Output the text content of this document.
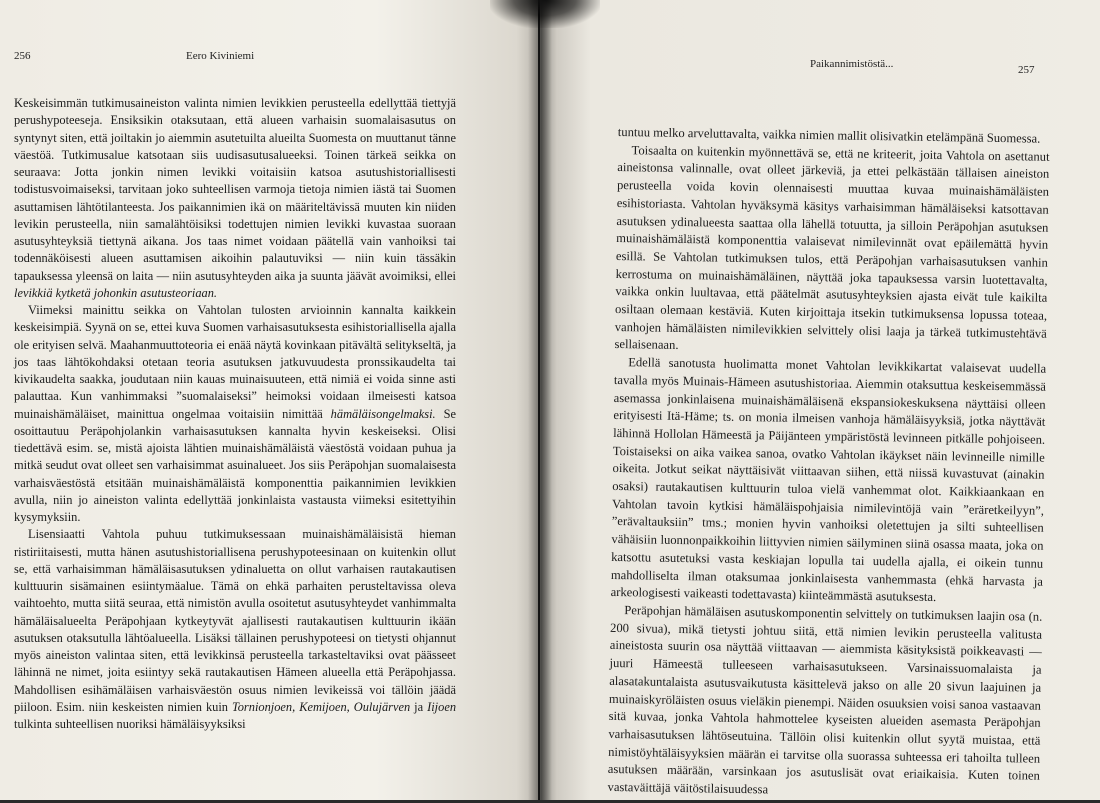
256	Eero Kiviniemi

Keskeisimmän tutkimusaineiston valinta nimien levikkien perusteella edellyttää tiettyjä perushypoteeseja. Ensiksikin otaksutaan, että alueen varhaisin suomalaisasutus on syntynyt siten, että joiltakin jo aiemmin asutetuilta alueilta Suomesta on muuttanut tänne väestöä. Tutkimusalue katsotaan siis uudisasutusalueeksi. Toinen tärkeä seikka on seuraava: Jotta jonkin nimen levikki voitaisiin katsoa asutushistoriallisesti todistusvoimaiseksi, tarvitaan joko suhteellisen varmoja tietoja nimien iästä tai Suomen asuttamisen lähtötilanteesta. Jos paikannimien ikä on määriteltävissä muuten kin niiden levikin perusteella, niin samalähtöisiksi todettujen nimien levikki kuvastaa suoraan asutusyhteyksiä tiettynä aikana. Jos taas nimet voidaan päätellä vain vanhoiksi tai todennäköisesti alueen asuttamisen aikoihin palautuviksi — niin kuin tässäkin tapauksessa yleensä on laita — niin asutusyhteyden aika ja suunta jäävät avoimiksi, ellei levikkiä kytketä johonkin asutusteoriaan.

Viimeksi mainittu seikka on Vahtolan tulosten arvioinnin kannalta kaikkein keskeisimpiä. Syynä on se, ettei kuva Suomen varhaisasutuksesta esihistoriallisella ajalla ole erityisen selvä. Maahanmuuttoteoria ei enää näytä kovinkaan pitävältä selitykseltä, ja jos taas lähtökohdaksi otetaan teoria asutuksen jatkuvuudesta pronssikaudelta tai kivikaudelta saakka, joudutaan niin kauas muinaisuuteen, että nimiä ei voida sinne asti palauttaa. Kun vanhimmaksi ”suomalaiseksi” heimoksi voidaan ilmeisesti katsoa muinaishämäläiset, mainittua ongelmaa voitaisiin nimittää hämäläisongelmaksi. Se osoittautuu Peräpohjolankin varhaisasutuksen kannalta hyvin keskeiseksi. Olisi tiedettävä esim. se, mistä ajoista lähtien muinaishämäläistä väestöstä voidaan puhua ja mitkä seudut ovat olleet sen varhaisimmat asuinalueet. Jos siis Peräpohjan suomalaisesta varhaisväestöstä etsitään muinaishämäläistä komponenttia paikannimien levikkien avulla, niin jo aineiston valinta edellyttää jonkinlaista vastausta viimeksi esitettyihin kysymyksiin.

Lisensiaatti Vahtola puhuu tutkimuksessaan muinaishämäläisistä hieman ristiriitaisesti, mutta hänen asutushistoriallisena perushypoteesinaan on kuitenkin ollut se, että varhaisimman hämäläisasutuksen ydinaluetta on ollut varhaisen rautakautisen kulttuurin sisämainen esiintymäalue. Tämä on ehkä parhaiten perusteltavissa oleva vaihtoehto, mutta siitä seuraa, että nimistön avulla osoitetut asutusyhteydet vanhimmalta hämäläisalueelta Peräpohjaan kytkeytyvät ajallisesti rautakautisen kulttuurin ikään asutuksen otaksutulla lähtöalueella. Lisäksi tällainen perushypoteesi on tietysti ohjannut myös aineiston valintaa siten, että levikkinsä perusteella tarkasteltaviksi ovat päässeet lähinnä ne nimet, joita esiintyy sekä rautakautisen Hämeen alueella että Peräpohjassa. Mahdollisen esihämäläisen varhaisväestön osuus nimien levikeissä voi tällöin jäädä piiloon. Esim. niin keskeisten nimien kuin Tornionjoen, Kemijoen, Oulujärven ja Iijoen tulkinta suhteellisen nuoriksi hämäläisyyksiksi

Paikannimistöstä...	257

tuntuu melko arveluttavalta, vaikka nimien mallit olisivatkin etelämpänä Suomessa.

Toisaalta on kuitenkin myönnettävä se, että ne kriteerit, joita Vahtola on asettanut aineistonsa valinnalle, ovat olleet järkeviä, ja ettei pelkästään tällaisen aineiston perusteella voida kovin olennaisesti muuttaa kuvaa muinaishämäläisten esihistoriasta. Vahtolan hyväksymä käsitys varhaisimman hämäläiseksi katsottavan asutuksen ydinalueesta saattaa olla lähellä totuutta, ja silloin Peräpohjan asutuksen muinaishämäläistä komponenttia valaisevat nimilevinnät ovat epäilemättä hyvin esillä. Se Vahtolan tutkimuksen tulos, että Peräpohjan varhaisasutuksen vanhin kerrostuma on muinaishämäläinen, näyttää joka tapauksessa varsin luotettavalta, vaikka onkin luultavaa, että päätelmät asutusyhteyksien ajasta eivät tule kaikilta osiltaan olemaan kestäviä. Kuten kirjoittaja itsekin tutkimuksensa lopussa toteaa, vanhojen hämäläisten nimilevikkien selvittely olisi laaja ja tärkeä tutkimustehtävä sellaisenaan.

Edellä sanotusta huolimatta monet Vahtolan levikkikartat valaisevat uudella tavalla myös Muinais-Hämeen asutushistoriaa. Aiemmin otaksuttua keskeisemmässä asemassa jonkinlaisena muinaishämäläisenä ekspansiokeskuksena näyttäisi olleen erityisesti Itä-Häme; ts. on monia ilmeisen vanhoja hämäläisyyksiä, jotka näyttävät lähinnä Hollolan Hämeestä ja Päijänteen ympäristöstä levinneen pitkälle pohjoiseen. Toistaiseksi on aika vaikea sanoa, ovatko Vahtolan ikäykset näin levinneille nimille oikeita. Jotkut seikat näyttäisivät viittaavan siihen, että niissä kuvastuvat (ainakin osaksi) rautakautisen kulttuurin tuloa vielä vanhemmat olot. Kaikkiaankaan en Vahtolan tavoin kytkisi hämäläispohjaisia nimilevintöjä vain ”eräretkeilyyn”, ”erävaltauksiin” tms.; monien hyvin vanhoiksi oletettujen ja silti suhteellisen vähäisiin luonnonpaikkoihin liittyvien nimien säilyminen siinä osassa maata, joka on katsottu asutetuksi vasta keskiajan lopulla tai uudella ajalla, ei oikein tunnu mahdolliselta ilman otaksumaa jonkinlaisesta vanhemmasta (ehkä harvasta ja arkeologisesti vaikeasti todettavasta) kiinteämmästä asutuksesta.

Peräpohjan hämäläisen asutuskomponentin selvittely on tutkimuksen laajin osa (n. 200 sivua), mikä tietysti johtuu siitä, että nimien levikin perusteella valitusta aineistosta suurin osa näyttää viittaavan — aiemmista käsityksistä poikkeavasti — juuri Hämeestä tulleeseen varhaisasutukseen. Varsinaissuomalaista ja alasatakuntalaista asutusvaikutusta käsittelevä jakso on alle 20 sivun laajuinen ja muinaiskyröläisten osuus vieläkin pienempi. Näiden osuuksien voisi sanoa vastaavan sitä kuvaa, jonka Vahtola hahmottelee kyseisten alueiden asemasta Peräpohjan varhaisasutuksen lähtöseutuina. Tällöin olisi kuitenkin ollut syytä muistaa, että nimistöyhtäläisyyksien määrän ei tarvitse olla suorassa suhteessa eri tahoilta tulleen asutuksen määrään, varsinkaan jos asutuslisät ovat eriaikaisia. Kuten toinen vastaväittäjä väitöstilaisuudessa
